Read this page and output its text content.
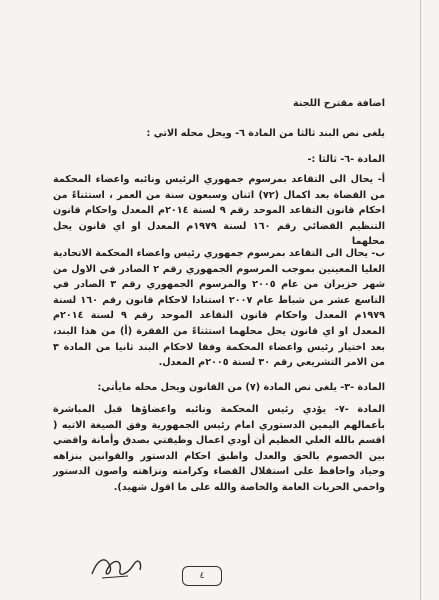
اضافة مقترح اللجنة
يلغى نص البند ثالثا من المادة ٦- ويحل محله الاتي :
المادة -٦- ثالثا :-
أ- يحال الى التقاعد بمرسوم جمهوري الرئيس ونائبه واعضاء المحكمة من القضاة بعد اكمال (٧٢) اثنان وسبعون سنة من العمر ، استثناءً من احكام قانون التقاعد الموحد رقم ٩ لسنة ٢٠١٤م المعدل واحكام قانون التنظيم القضائي رقم ١٦٠ لسنة ١٩٧٩م المعدل او اي قانون يحل محلهما
ب- يحال الى التقاعد بمرسوم جمهوري رئيس واعضاء المحكمة الاتحادية العليا المعينين بموجب المرسوم الجمهوري رقم ٢ الصادر في الاول من شهر حزيران من عام ٢٠٠٥ والمرسوم الجمهوري رقم ٣ الصادر في التاسع عشر من شباط عام ٢٠٠٧ استنادا لاحكام قانون رقم ١٦٠ لسنة ١٩٧٩م المعدل واحكام قانون التقاعد الموحد رقم ٩ لسنة ٢٠١٤م المعدل او اي قانون يحل محلهما استثناءً من الفقرة (أ) من هذا البند، بعد اختيار رئيس واعضاء المحكمة وفقا لاحكام البند ثانيا من المادة ٣ من الامر التشريعي رقم ٣٠ لسنة ٢٠٠٥م المعدل.
المادة -٣- يلغى نص المادة (٧) من القانون ويحل محله مايأتي:
المادة -٧- يؤدي رئيس المحكمة ونائبه واعضاؤها قبل المباشرة بأعمالهم اليمين الدستوري امام رئيس الجمهورية وفق الصيغة الاتيه ( اقسم بالله العلي العظيم أن أودي اعمال وظيفتي بصدق وأمانة واقضي بين الخصوم بالحق والعدل واطبق احكام الدستور والقوانين بنزاهه وحياد واحافظ على استقلال القضاء وكرامته ونزاهته واصون الدستور واحمي الحريات العامة والخاصة والله على ما اقول شهيد).
٤
